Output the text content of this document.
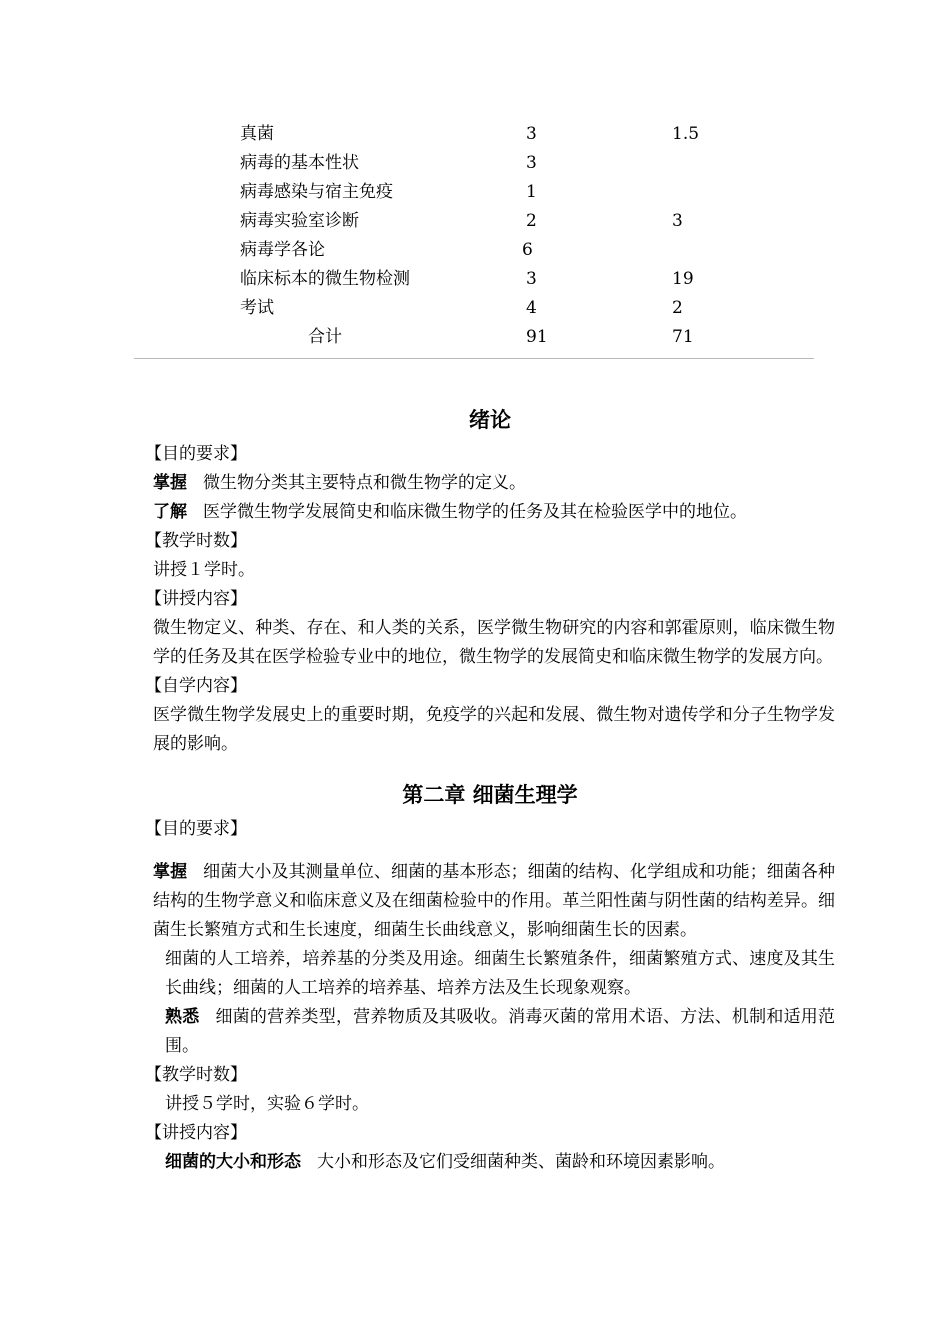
真菌	3	1.5
病毒的基本性状	3
病毒感染与宿主免疫	1
病毒实验室诊断	2	3
病毒学各论	6
临床标本的微生物检测	3	19
考试	4	2
合计	91	71
绪论

【目的要求】

掌握 微生物分类其主要特点和微生物学的定义。

了解 医学微生物学发展简史和临床微生物学的任务及其在检验医学中的地位。

【教学时数】

讲授１学时。

【讲授内容】

微生物定义、种类、存在、和人类的关系，医学微生物研究的内容和郭霍原则，临床微生物学的任务及其在医学检验专业中的地位，微生物学的发展简史和临床微生物学的发展方向。

【自学内容】

医学微生物学发展史上的重要时期，免疫学的兴起和发展、微生物对遗传学和分子生物学发展的影响。

第二章 细菌生理学

【目的要求】

掌握 细菌大小及其测量单位、细菌的基本形态；细菌的结构、化学组成和功能；细菌各种结构的生物学意义和临床意义及在细菌检验中的作用。革兰阳性菌与阴性菌的结构差异。细菌生长繁殖方式和生长速度，细菌生长曲线意义，影响细菌生长的因素。

细菌的人工培养，培养基的分类及用途。细菌生长繁殖条件，细菌繁殖方式、速度及其生长曲线；细菌的人工培养的培养基、培养方法及生长现象观察。

熟悉 细菌的营养类型，营养物质及其吸收。消毒灭菌的常用术语、方法、机制和适用范围。

【教学时数】

讲授５学时，实验６学时。

【讲授内容】

细菌的大小和形态 大小和形态及它们受细菌种类、菌龄和环境因素影响。
